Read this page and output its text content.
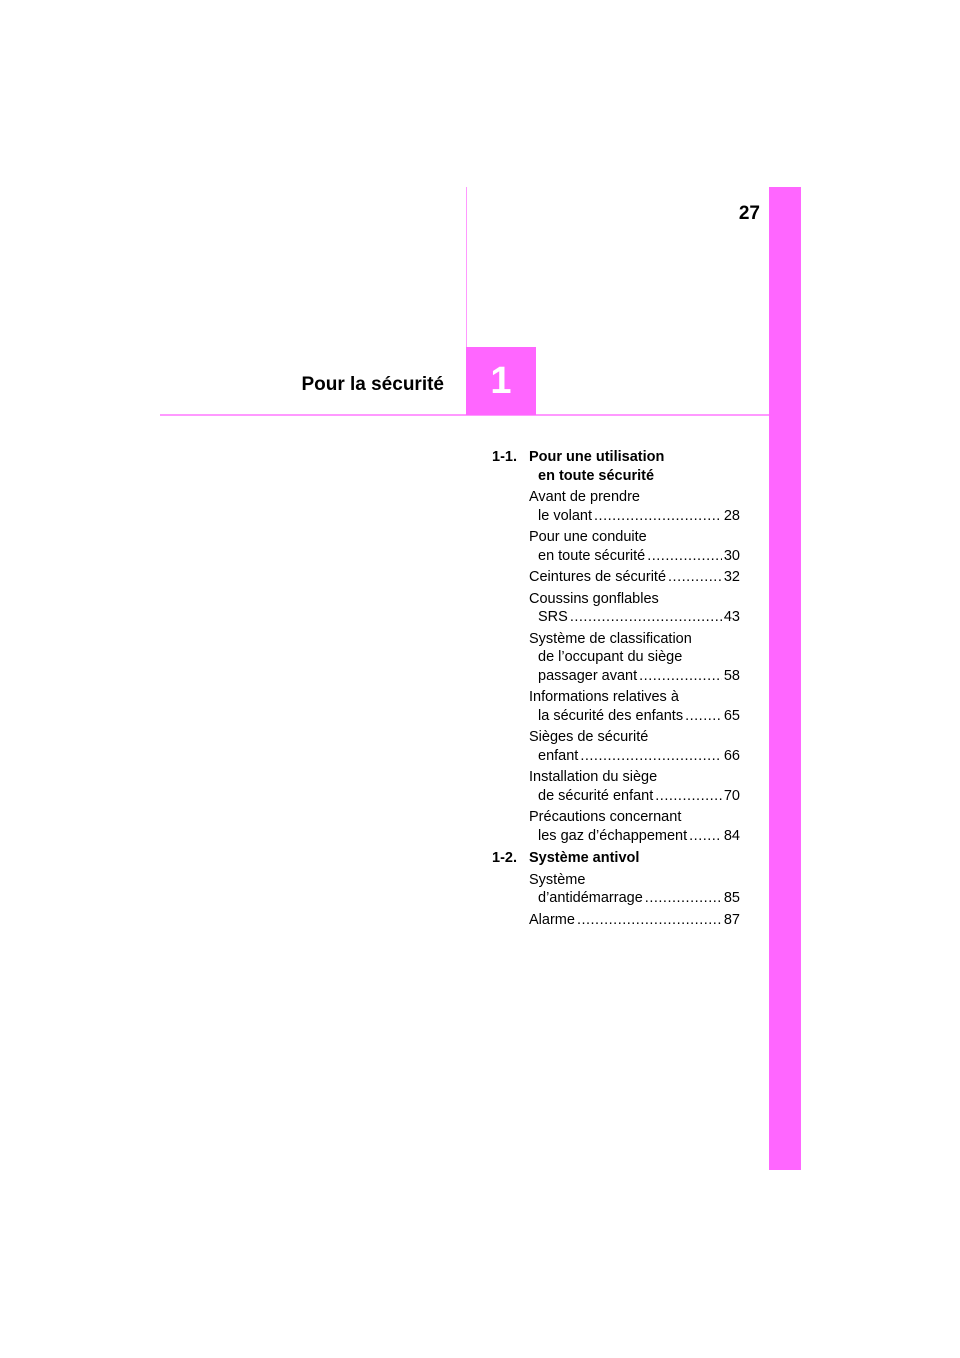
27
1
Pour la sécurité
1-1. Pour une utilisation
en toute sécurité
Avant de prendre
le volant .....	28
Pour une conduite
en toute sécurité .....	30
Ceintures de sécurité .....	32
Coussins gonflables
SRS .....	43
Système de classification
de l’occupant du siège
passager avant .....	58
Informations relatives à
la sécurité des enfants .....	65
Sièges de sécurité
enfant .....	66
Installation du siège
de sécurité enfant .....	70
Précautions concernant
les gaz d’échappement .....	84
1-2. Système antivol
Système
d’antidémarrage .....	85
Alarme .....	87
